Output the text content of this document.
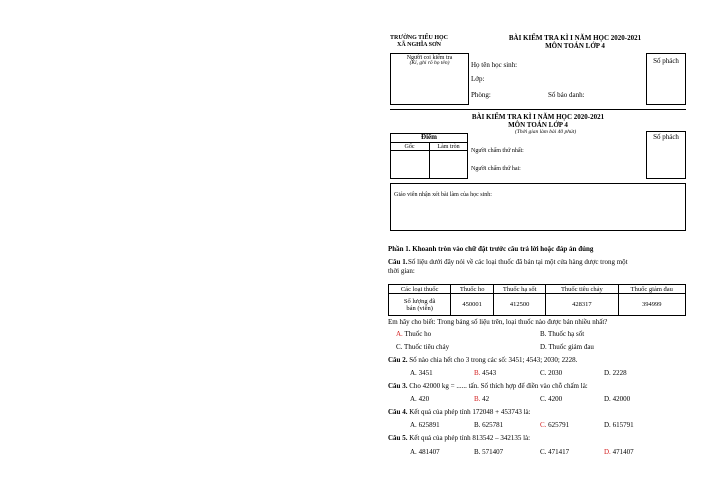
TRƯỜNG TIỂU HỌC
XÃ NGHĨA SƠN
BÀI KIỂM TRA KÌ I NĂM HỌC 2020-2021
MÔN TOÁN LỚP 4
Người coi kiểm tra
(Kí, ghi rõ họ tên)	Họ tên học sinh:
Lớp:
Phòng:	Số báo danh:
Số phách
BÀI KIỂM TRA KÌ I NĂM HỌC 2020-2021
MÔN TOÁN LỚP 4
(Thời gian làm bài 40 phút)
Điểm
Gốc	Làm tròn
Người chấm thứ nhất:
Người chấm thứ hai:
Số phách
Giáo viên nhận xét bài làm của học sinh:
Phần 1. Khoanh tròn vào chữ đặt trước câu trả lời hoặc đáp án đúng
Câu 1. Số liệu dưới đây nói về các loại thuốc đã bán tại một cửa hàng dược trong một
thời gian:
Các loại thuốc	Thuốc ho	Thuốc hạ sốt	Thuốc tiêu chảy	Thuốc giảm đau

Số lượng đã
bán (viên)	450001	412500	428317	394999
Em hãy cho biết: Trong bảng số liệu trên, loại thuốc nào được bán nhiều nhất?
A. Thuốc ho	B. Thuốc hạ sốt
C. Thuốc tiêu chảy	D. Thuốc giảm đau
Câu 2. Số nào chia hết cho 3 trong các số: 3451; 4543; 2030; 2228.
A. 3451	B. 4543	C. 2030	D. 2228
Câu 3. Cho 42000 kg = ...... tấn. Số thích hợp để điền vào chỗ chấm là:
A. 420	B. 42	C. 4200	D. 42000
Câu 4. Kết quả của phép tính 172048 + 453743 là:
A. 625891	B. 625781	C. 625791	D. 615791
Câu 5. Kết quả của phép tính 813542 – 342135 là:
A. 481407	B. 571407	C. 471417	D. 471407
